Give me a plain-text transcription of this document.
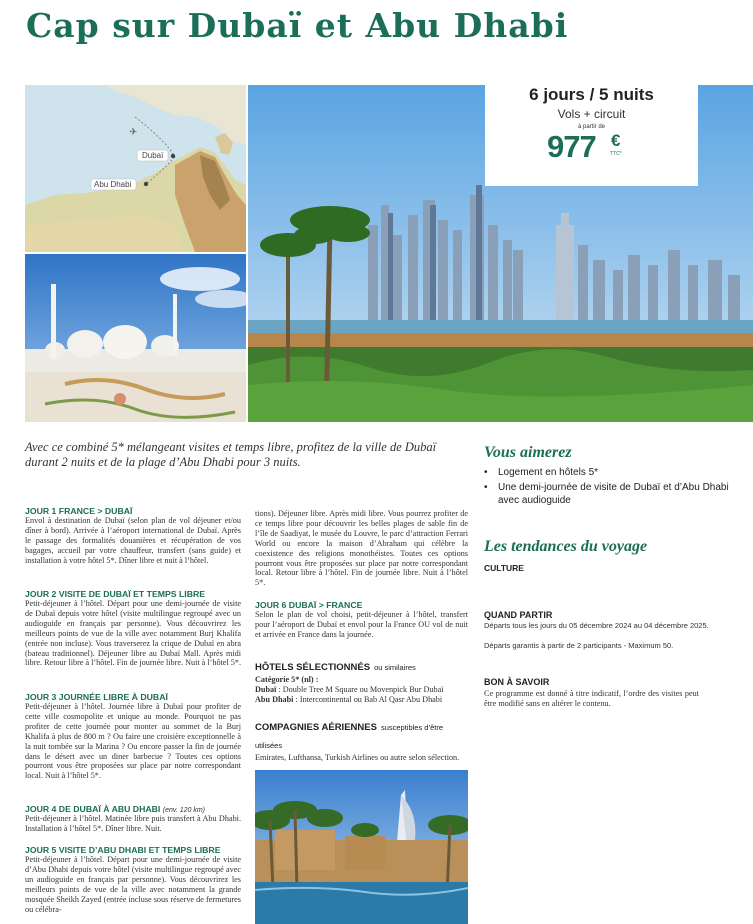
Cap sur Dubaï et Abu Dhabi
✈
Dubaï
Abu Dhabi
6 jours / 5 nuits
Vols + circuit
à partir de
977 €
TTC*
Avec ce combiné 5* mélangeant visites et temps libre, profitez de la ville de Dubaï durant 2 nuits et de la plage d’Abu Dhabi pour 3 nuits.
JOUR 1 FRANCE > DUBAÏ
Envol à destination de Dubaï (selon plan de vol déjeuner et/ou dîner à bord). Arrivée à l’aéroport international de Dubaï. Après le passage des formalités douanières et récupération de vos bagages, accueil par votre chauffeur, transfert (sans guide) et installation à votre hôtel 5*. Dîner libre et nuit à l’hôtel.
JOUR 2 VISITE DE DUBAÏ ET TEMPS LIBRE
Petit-déjeuner à l’hôtel. Départ pour une demi-journée de visite de Dubaï depuis votre hôtel (visite multilingue regroupé avec un audioguide en français par personne). Vous découvrirez les meilleurs points de vue de la ville avec notamment Burj Khalifa (entrée non incluse). Vous traverserez la crique de Dubaï en abra (bateau traditionnel). Déjeuner libre au Dubaï Mall. Après midi libre. Retour libre à l’hôtel. Fin de journée libre. Nuit à l’hôtel 5*.
JOUR 3 JOURNÉE LIBRE À DUBAÏ
Petit-déjeuner à l’hôtel. Journée libre à Dubaï pour profiter de cette ville cosmopolite et unique au monde. Pourquoi ne pas profiter de cette journée pour monter au sommet de la Burj Khalifa à plus de 800 m ? Ou faire une croisière exceptionnelle à la nuit tombée sur la Marina ? Ou encore passer la fin de journée dans le désert avec un diner barbecue ? Toutes ces options pourront vous être proposées sur place par notre correspondant local. Nuit à l’hôtel 5*.
JOUR 4 DE DUBAÏ À ABU DHABI (env. 120 km)
Petit-déjeuner à l’hôtel. Matinée libre puis transfert à Abu Dhabi. Installation à l’hôtel 5*. Dîner libre. Nuit.
JOUR 5 VISITE D’ABU DHABI ET TEMPS LIBRE
Petit-déjeuner à l’hôtel. Départ pour une demi-journée de visite d’Abu Dhabi depuis votre hôtel (visite multilingue regroupé avec un audioguide en français par personne). Vous découvrirez les meilleurs points de vue de la ville avec notamment la grande mosquée Sheikh Zayed (entrée incluse sous réserve de fermetures ou célébra-
tions). Déjeuner libre. Après midi libre. Vous pourrez profiter de ce temps libre pour découvrir les belles plages de sable fin de l’île de Saadiyat, le musée du Louvre, le parc d’attraction Ferrari World ou encore la maison d’Abraham qui célèbre la coexistence des religions monothéistes. Toutes ces options pourront vous être proposées sur place par notre correspondant local. Retour libre à l’hôtel. Fin de journée libre. Nuit à l’hôtel 5*.
JOUR 6 DUBAÏ > FRANCE
Selon le plan de vol choisi, petit-déjeuner à l’hôtel, transfert pour l’aéroport de Dubaï et envol pour la France OU vol de nuit et arrivée en France dans la journée.
HÔTELS SÉLECTIONNÉS ou similaires
Catégorie 5* (nl) :
Dubaï : Double Tree M Square ou Movenpick Bur Dubaï
Abu Dhabi : Intercontinental ou Bab Al Qasr Abu Dhabi
COMPAGNIES AÉRIENNES susceptibles d’être utilisées
Emirates, Lufthansa, Turkish Airlines ou autre selon sélection.
Vous aimerez
• Logement en hôtels 5*
• Une demi-journée de visite de Dubaï et d’Abu Dhabi avec audioguide
Les tendances du voyage
CULTURE
QUAND PARTIR
Départs tous les jours du 05 décembre 2024 au 04 décembre 2025.
Départs garantis à partir de 2 participants - Maximum 50.
BON À SAVOIR
Ce programme est donné à titre indicatif, l’ordre des visites peut être modifié sans en altérer le contenu.
